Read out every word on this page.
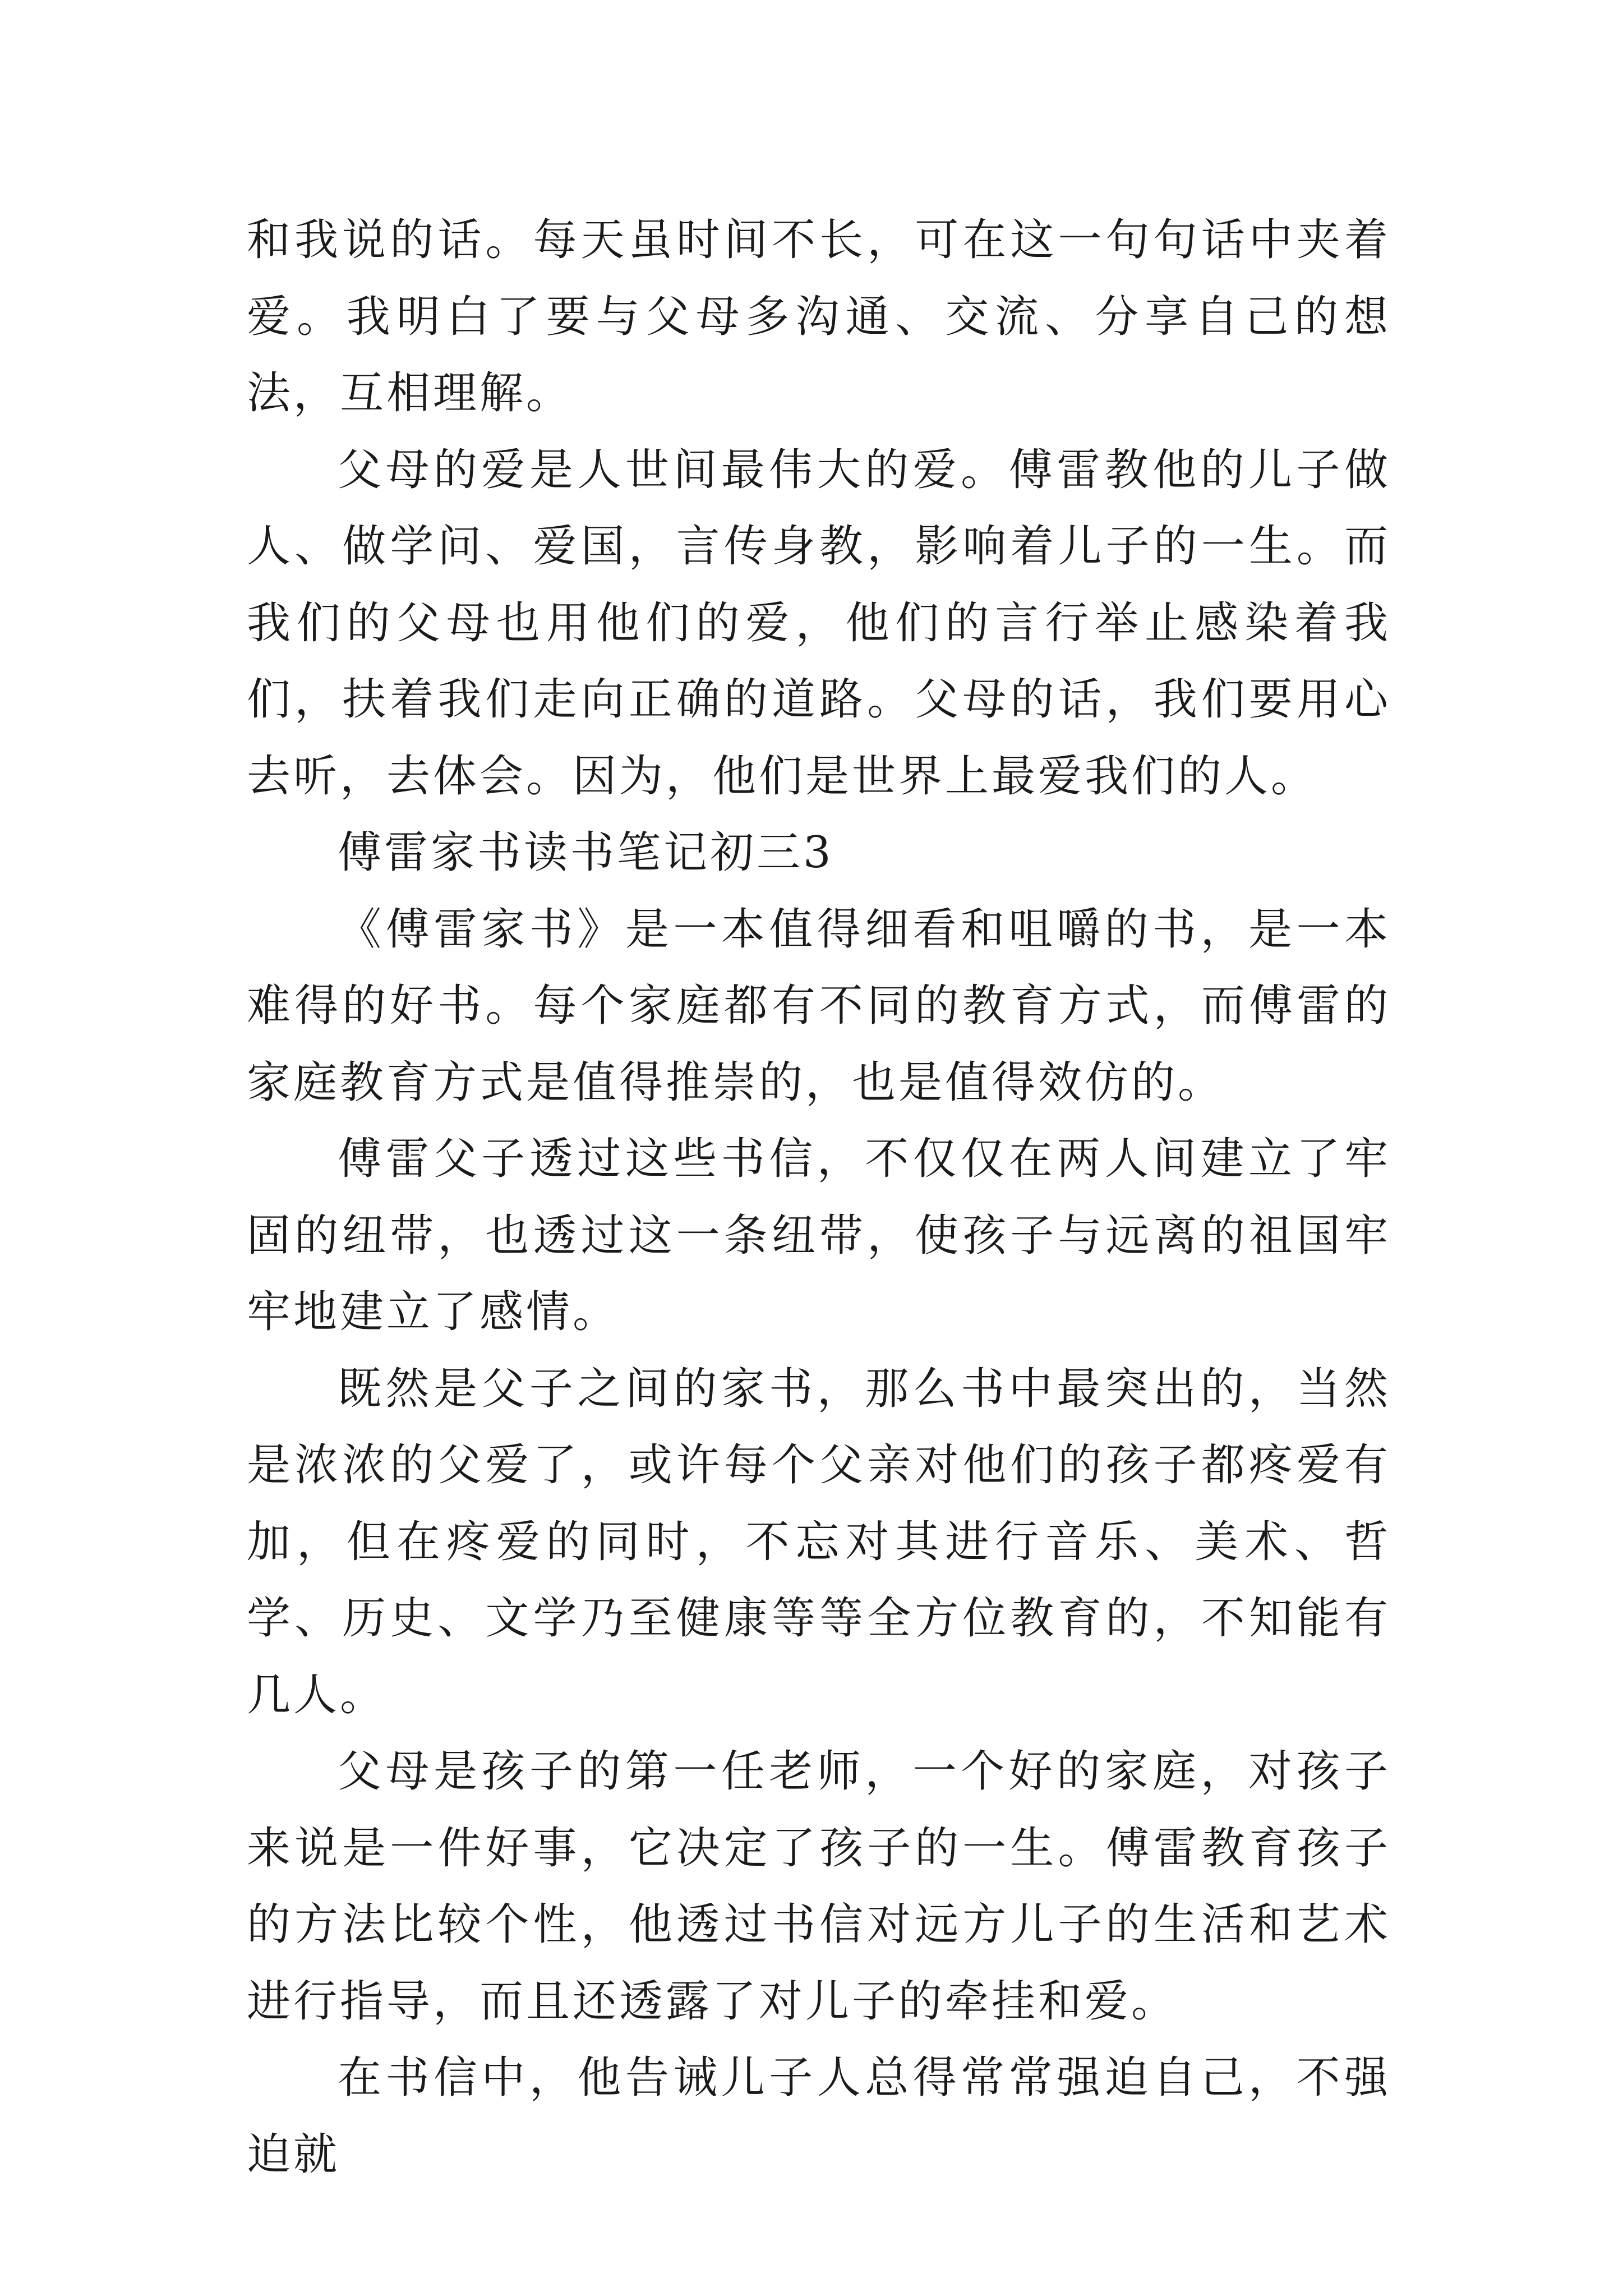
和我说的话。每天虽时间不长，可在这一句句话中夹着爱。我明白了要与父母多沟通、交流、分享自己的想法，互相理解。

父母的爱是人世间最伟大的爱。傅雷教他的儿子做人、做学问、爱国，言传身教，影响着儿子的一生。而我们的父母也用他们的爱，他们的言行举止感染着我们，扶着我们走向正确的道路。父母的话，我们要用心去听，去体会。因为，他们是世界上最爱我们的人。

傅雷家书读书笔记初三3

《傅雷家书》是一本值得细看和咀嚼的书，是一本难得的好书。每个家庭都有不同的教育方式，而傅雷的家庭教育方式是值得推崇的，也是值得效仿的。

傅雷父子透过这些书信，不仅仅在两人间建立了牢固的纽带，也透过这一条纽带，使孩子与远离的祖国牢牢地建立了感情。

既然是父子之间的家书，那么书中最突出的，当然是浓浓的父爱了，或许每个父亲对他们的孩子都疼爱有加，但在疼爱的同时，不忘对其进行音乐、美术、哲学、历史、文学乃至健康等等全方位教育的，不知能有几人。

父母是孩子的第一任老师，一个好的家庭，对孩子来说是一件好事，它决定了孩子的一生。傅雷教育孩子的方法比较个性，他透过书信对远方儿子的生活和艺术进行指导，而且还透露了对儿子的牵挂和爱。

在书信中，他告诫儿子人总得常常强迫自己，不强迫就
